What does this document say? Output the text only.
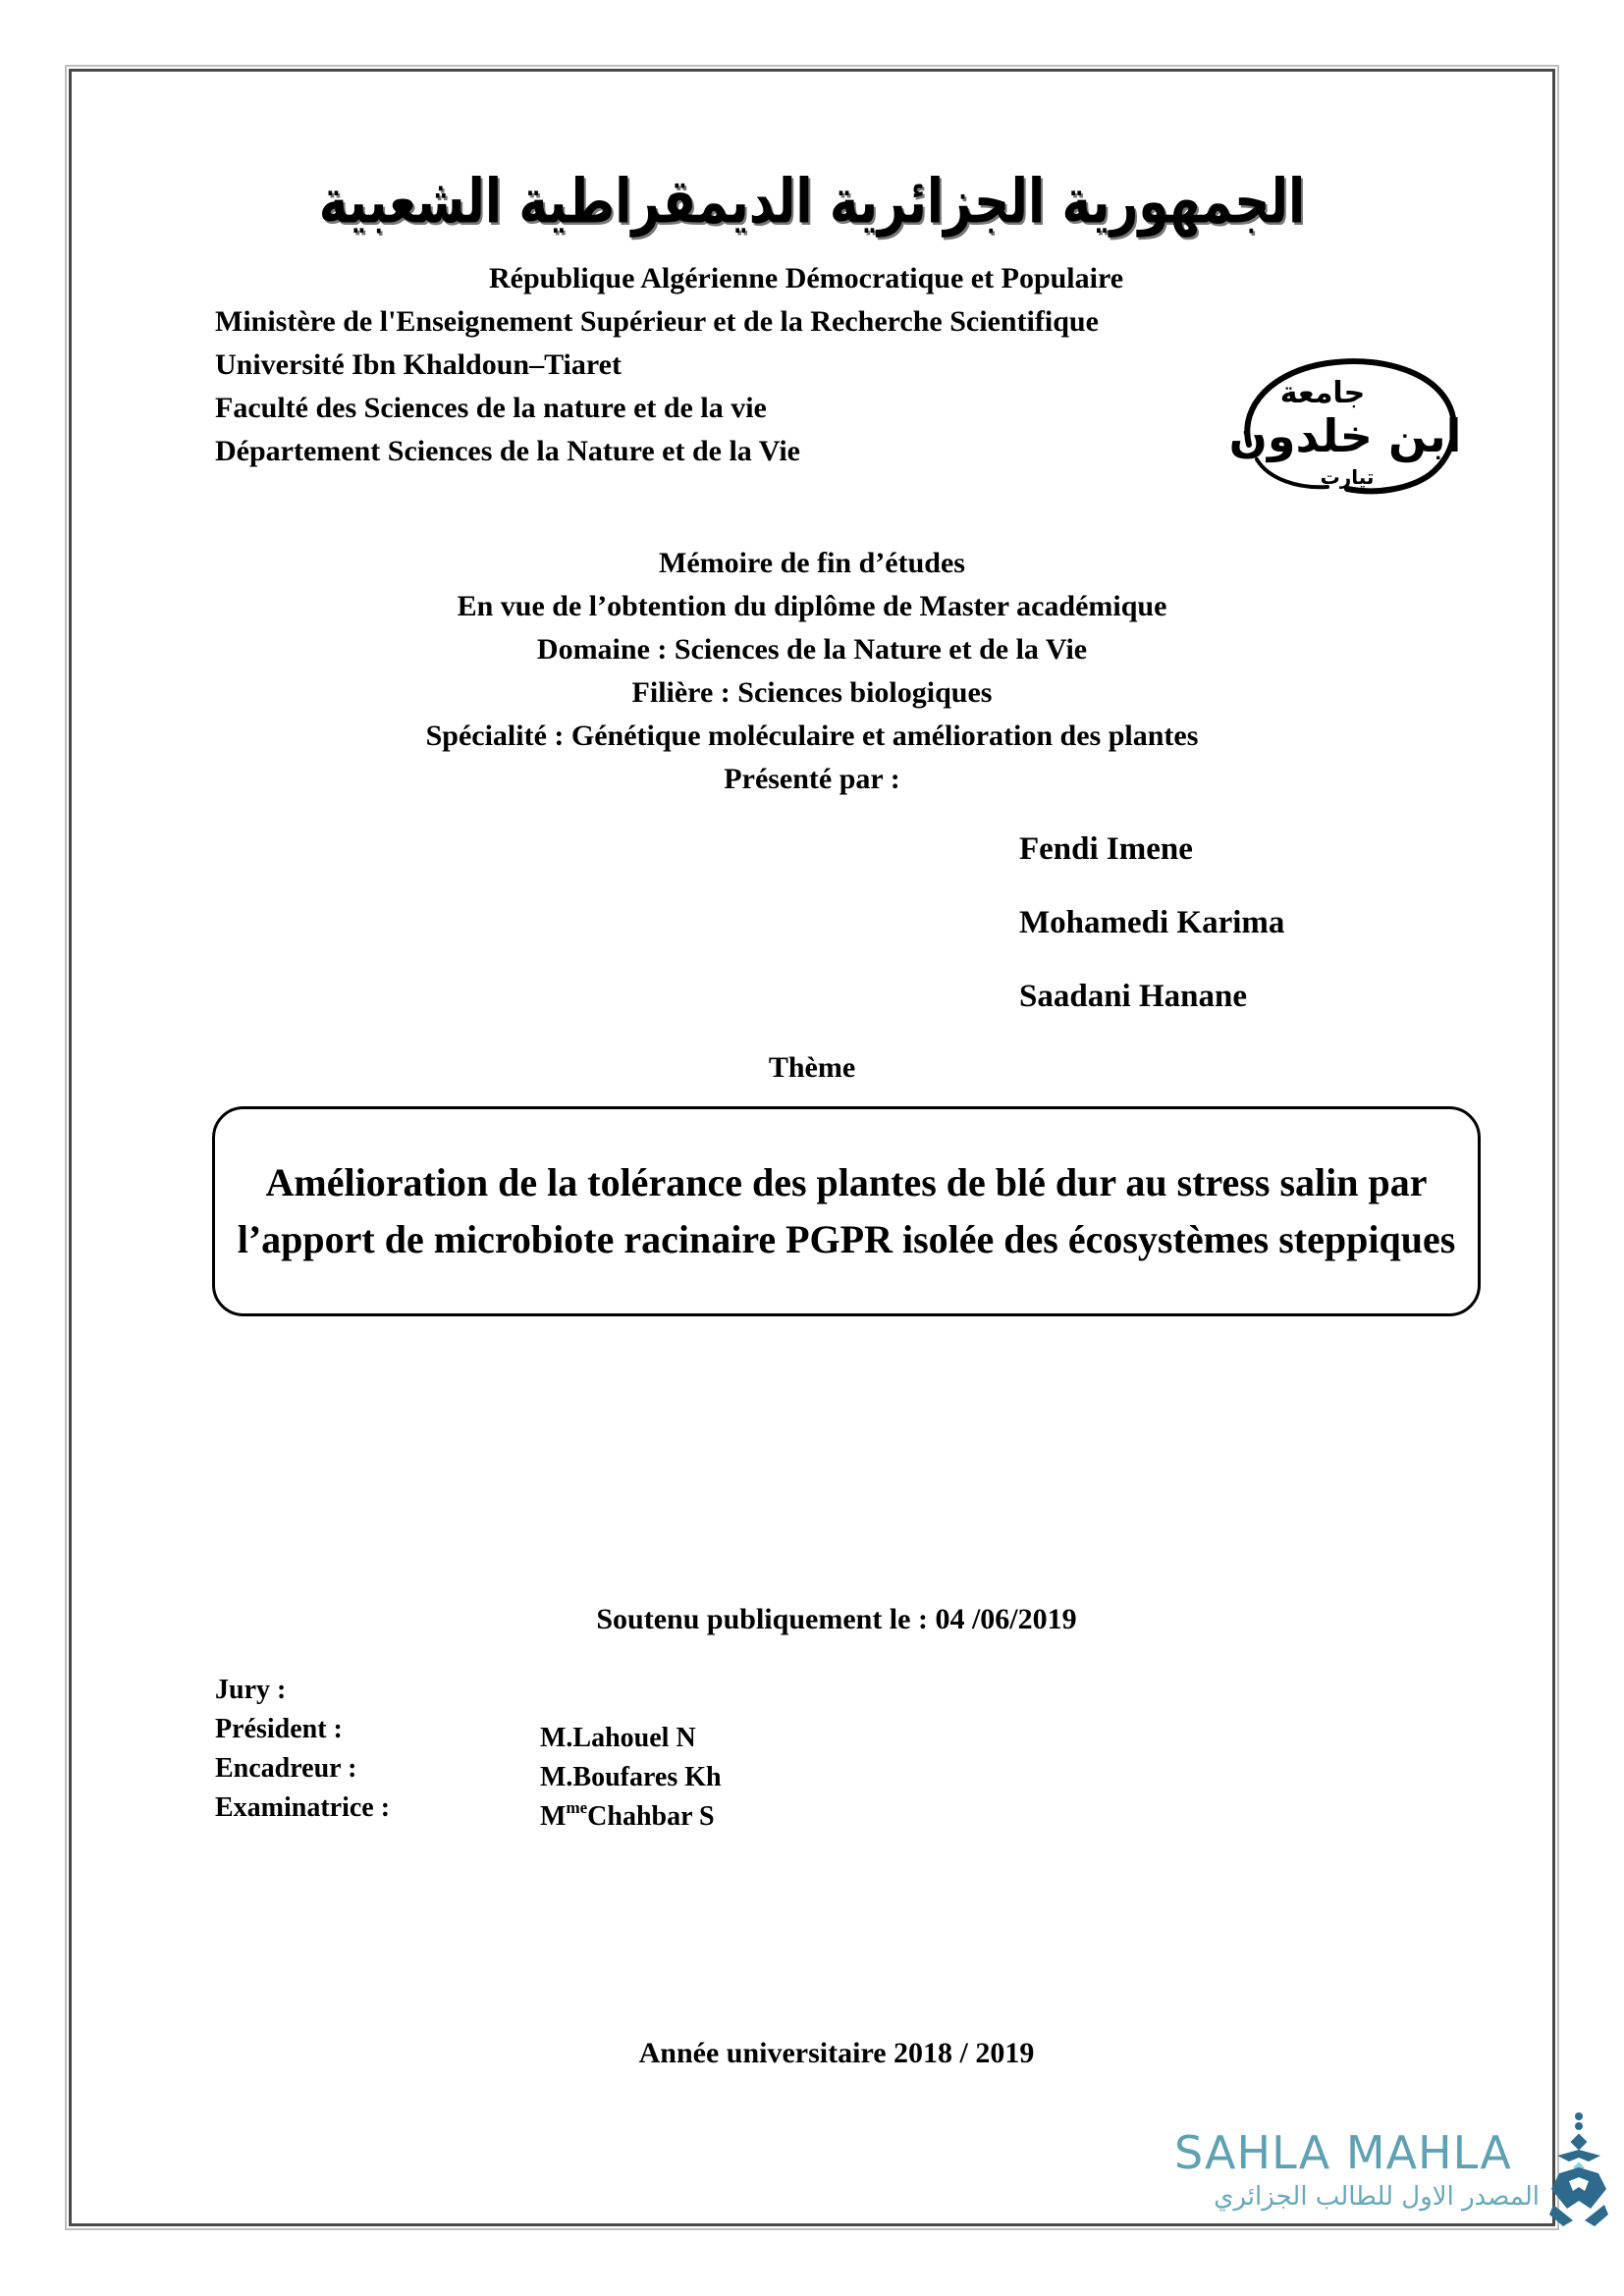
الجمهورية الجزائرية الديمقراطية الشعبية
République Algérienne Démocratique et Populaire
Ministère de l'Enseignement Supérieur et de la Recherche Scientifique
Université Ibn Khaldoun–Tiaret
Faculté des Sciences de la nature et de la vie
Département Sciences de la Nature et de la Vie
جامعة
ابن خلدون
تيارت
Mémoire de fin d’études
En vue de l’obtention du diplôme de Master académique
Domaine : Sciences de la Nature et de la Vie
Filière : Sciences biologiques
Spécialité : Génétique moléculaire et amélioration des plantes
Présenté par :
Fendi Imene
Mohamedi Karima
Saadani Hanane
Thème
Amélioration de la tolérance des plantes de blé dur au stress salin par l’apport de microbiote racinaire PGPR isolée des écosystèmes steppiques
Soutenu publiquement le : 04 /06/2019
Jury :
Président :	M.Lahouel N
Encadreur :	M.Boufares Kh
Examinatrice :	$M^{me}Chahbar$ S
Année universitaire 2018 / 2019
SAHLA MAHLA
المصدر الاول للطالب الجزائري
